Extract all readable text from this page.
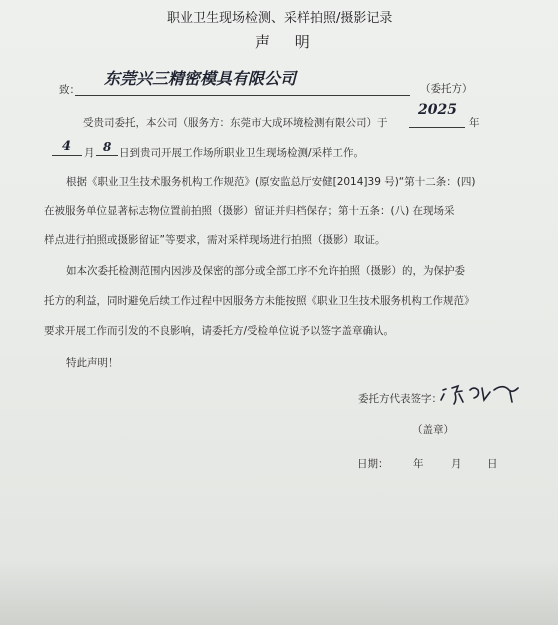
职业卫生现场检测、采样拍照/摄影记录
声 明
致：
东莞兴三精密模具有限公司
（委托方）
受贵司委托，本公司（服务方：东莞市大成环境检测有限公司）于
2025
年
4 月 8 日到贵司开展工作场所职业卫生现场检测/采样工作。
根据《职业卫生技术服务机构工作规范》(原安监总厅安健[2014]39 号)“第十二条：(四)
在被服务单位显著标志物位置前拍照（摄影）留证并归档保存；第十五条：(八) 在现场采
样点进行拍照或摄影留证”等要求，需对采样现场进行拍照（摄影）取证。
如本次委托检测范围内因涉及保密的部分或全部工序不允许拍照（摄影）的，为保护委
托方的利益，同时避免后续工作过程中因服务方未能按照《职业卫生技术服务机构工作规范》
要求开展工作而引发的不良影响，请委托方/受检单位说予以签字盖章确认。
特此声明！
委托方代表签字：
（盖章）
日期： 年	月 日
